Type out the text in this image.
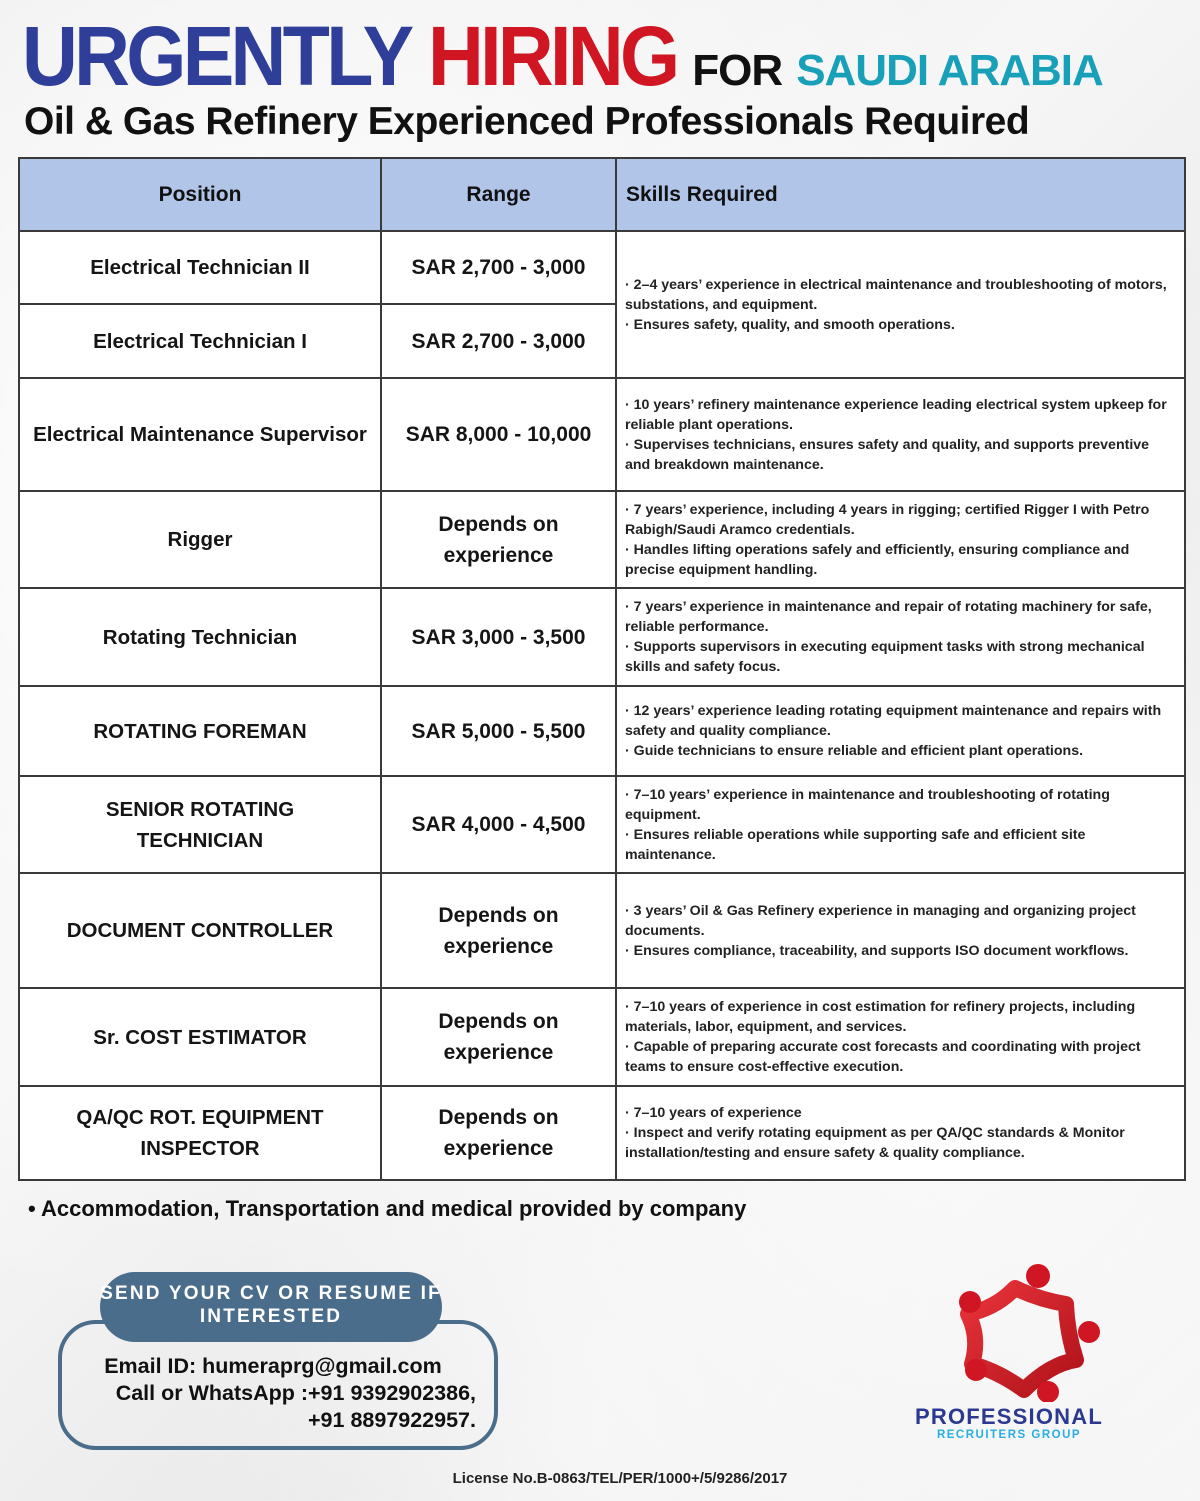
URGENTLY HIRING FOR SAUDI ARABIA
Oil & Gas Refinery Experienced Professionals Required
Position	Range	Skills Required
Electrical Technician II	SAR 2,700 - 3,000	· 2–4 years’ experience in electrical maintenance and troubleshooting of motors, substations, and equipment.
· Ensures safety, quality, and smooth operations.

Electrical Technician I	SAR 2,700 - 3,000	
Electrical Maintenance Supervisor	SAR 8,000 - 10,000	· 10 years’ refinery maintenance experience leading electrical system upkeep for reliable plant operations.
· Supervises technicians, ensures safety and quality, and supports preventive and breakdown maintenance.

Rigger	Depends on experience	· 7 years’ experience, including 4 years in rigging; certified Rigger I with Petro Rabigh/Saudi Aramco credentials.
· Handles lifting operations safely and efficiently, ensuring compliance and precise equipment handling.

Rotating Technician	SAR 3,000 - 3,500	· 7 years’ experience in maintenance and repair of rotating machinery for safe, reliable performance.
· Supports supervisors in executing equipment tasks with strong mechanical skills and safety focus.

ROTATING FOREMAN	SAR 5,000 - 5,500	· 12 years’ experience leading rotating equipment maintenance and repairs with safety and quality compliance.
· Guide technicians to ensure reliable and efficient plant operations.

SENIOR ROTATING TECHNICIAN	SAR 4,000 - 4,500	· 7–10 years’ experience in maintenance and troubleshooting of rotating equipment.
· Ensures reliable operations while supporting safe and efficient site maintenance.

DOCUMENT CONTROLLER	Depends on experience	· 3 years’ Oil & Gas Refinery experience in managing and organizing project documents.
· Ensures compliance, traceability, and supports ISO document workflows.

Sr. COST ESTIMATOR	Depends on experience	· 7–10 years of experience in cost estimation for refinery projects, including materials, labor, equipment, and services.
· Capable of preparing accurate cost forecasts and coordinating with project teams to ensure cost-effective execution.

QA/QC ROT. EQUIPMENT INSPECTOR	Depends on experience	· 7–10 years of experience
· Inspect and verify rotating equipment as per QA/QC standards & Monitor installation/testing and ensure safety & quality compliance.
• Accommodation, Transportation and medical provided by company
SEND YOUR CV OR RESUME IF INTERESTED
Email ID: humeraprg@gmail.com
Call or WhatsApp :+91 9392902386,
+91 8897922957.	PROFESSIONAL
RECRUITERS GROUP
License No.B-0863/TEL/PER/1000+/5/9286/2017
